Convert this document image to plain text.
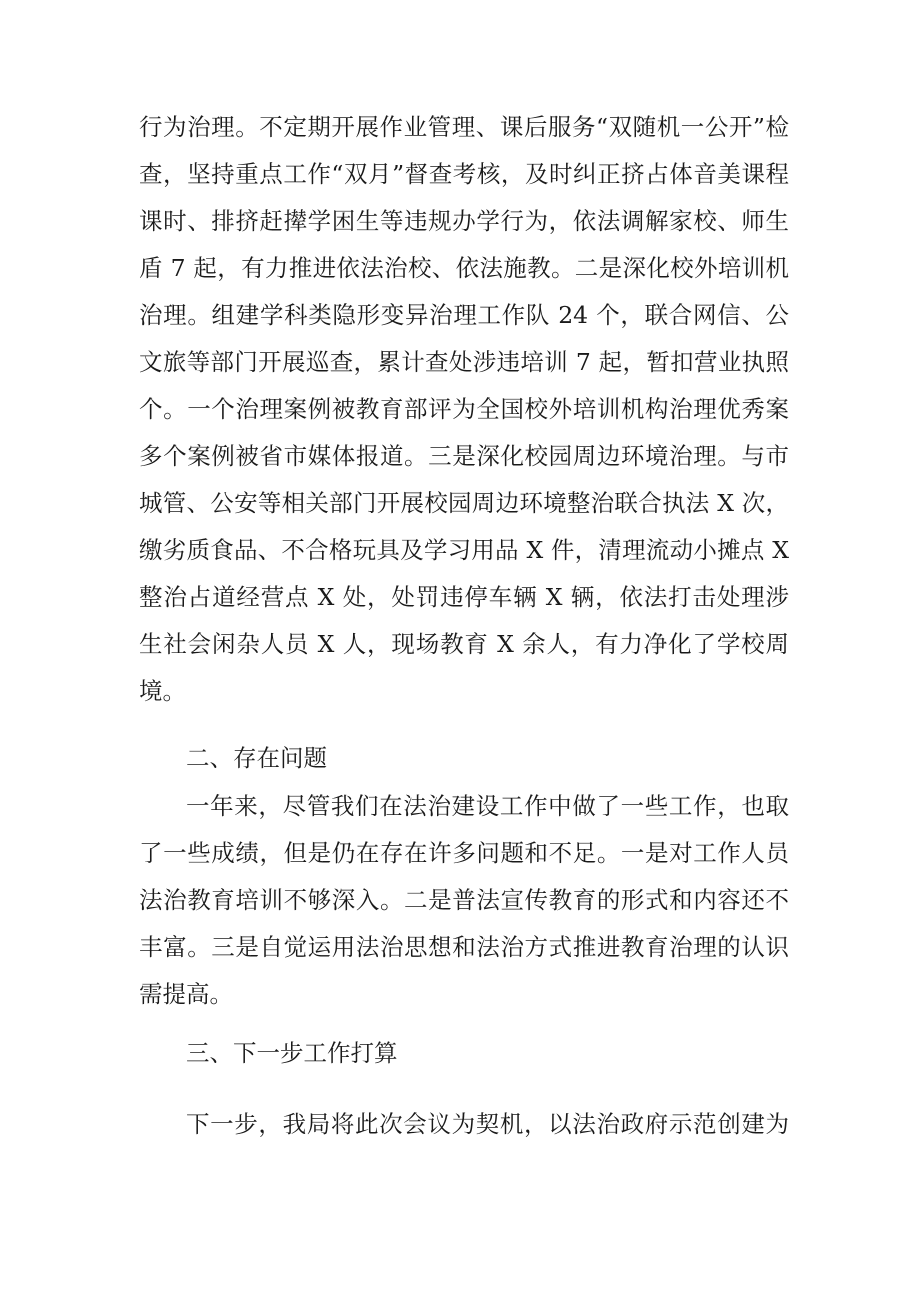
行为治理。不定期开展作业管理、课后服务“双随机一公开”检
查，坚持重点工作“双月”督查考核，及时纠正挤占体音美课程
课时、排挤赶撵学困生等违规办学行为，依法调解家校、师生
盾 7 起，有力推进依法治校、依法施教。二是深化校外培训机
治理。组建学科类隐形变异治理工作队 24 个，联合网信、公
文旅等部门开展巡查，累计查处涉违培训 7 起，暂扣营业执照
个。一个治理案例被教育部评为全国校外培训机构治理优秀案
多个案例被省市媒体报道。三是深化校园周边环境治理。与市
城管、公安等相关部门开展校园周边环境整治联合执法 X 次，
缴劣质食品、不合格玩具及学习用品 X 件，清理流动小摊点 X
整治占道经营点 X 处，处罚违停车辆 X 辆，依法打击处理涉
生社会闲杂人员 X 人，现场教育 X 余人，有力净化了学校周
境。
二、存在问题
一年来，尽管我们在法治建设工作中做了一些工作，也取
了一些成绩，但是仍在存在许多问题和不足。一是对工作人员
法治教育培训不够深入。二是普法宣传教育的形式和内容还不
丰富。三是自觉运用法治思想和法治方式推进教育治理的认识
需提高。
三、下一步工作打算
下一步，我局将此次会议为契机，以法治政府示范创建为
